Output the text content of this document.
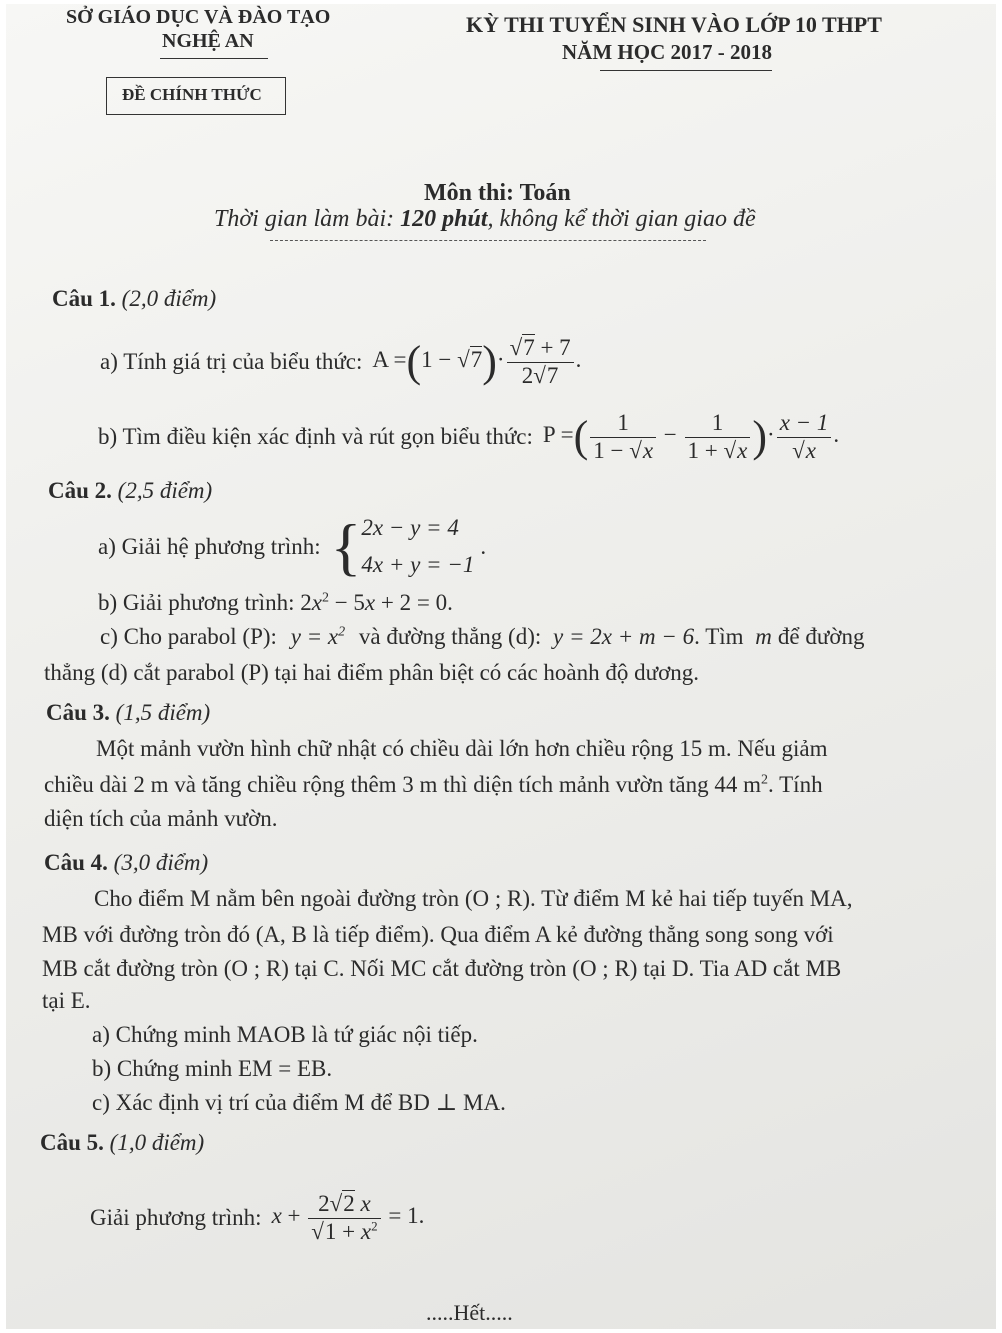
SỞ GIÁO DỤC VÀ ĐÀO TẠO
NGHỆ AN
ĐỀ CHÍNH THỨC
KỲ THI TUYỂN SINH VÀO LỚP 10 THPT
NĂM HỌC 2017 - 2018
Môn thi: Toán
Thời gian làm bài: 120 phút, không kể thời gian giao đề
Câu 1. (2,0 điểm)
a) Tính giá trị của biểu thức: $A =(1 - √7)\cdot \frac{√7 + 7}{2√7}$ .
b) Tìm điều kiện xác định và rút gọn biểu thức: P =( $\frac{1}{1 - √x} - \frac{1}{1 + √x}$ )· $\frac{x - 1}{√x}$ .
Câu 2. (2,5 điểm)
a) Giải hệ phương trình: { 2x − y = 4
4x + y = −1
.
b) Giải phương trình: $2x^2 - 5x + 2 = 0$.
c) Cho parabol (P): $y = x^2$ và đường thẳng (d): y = 2x + m − 6. Tìm m để đường
thẳng (d) cắt parabol (P) tại hai điểm phân biệt có các hoành độ dương.
Câu 3. (1,5 điểm)
Một mảnh vườn hình chữ nhật có chiều dài lớn hơn chiều rộng 15 m. Nếu giảm
chiều dài 2 m và tăng chiều rộng thêm 3 m thì diện tích mảnh vườn tăng 44 $m^2$. Tính
diện tích của mảnh vườn.
Câu 4. (3,0 điểm)
Cho điểm M nằm bên ngoài đường tròn (O ; R). Từ điểm M kẻ hai tiếp tuyến MA,
MB với đường tròn đó (A, B là tiếp điểm). Qua điểm A kẻ đường thẳng song song với
MB cắt đường tròn (O ; R) tại C. Nối MC cắt đường tròn (O ; R) tại D. Tia AD cắt MB
tại E.
a) Chứng minh MAOB là tứ giác nội tiếp.
b) Chứng minh EM = EB.
c) Xác định vị trí của điểm M để BD ⊥ MA.
Câu 5. (1,0 điểm)
Giải phương trình: $x + \frac{2√2 x}{√1 + x^2} = 1$.
.....Hết.....
